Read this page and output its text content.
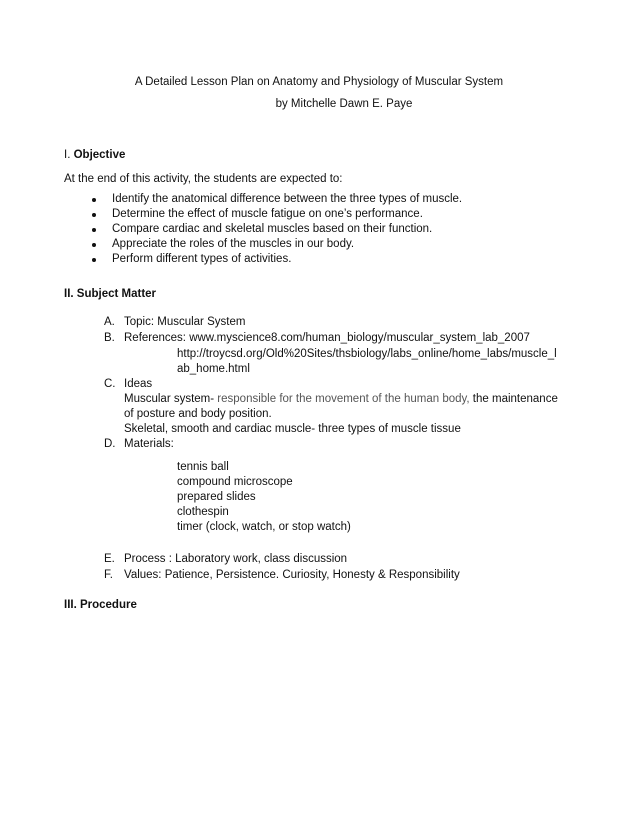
A Detailed Lesson Plan on Anatomy and Physiology of Muscular System
by Mitchelle Dawn E. Paye
I. Objective
At the end of this activity, the students are expected to:
Identify the anatomical difference between the three types of muscle.
Determine the effect of muscle fatigue on one’s performance.
Compare cardiac and skeletal muscles based on their function.
Appreciate the roles of the muscles in our body.
Perform different types of activities.
II. Subject Matter
A. Topic: Muscular System
B. References: www.myscience8.com/human_biology/muscular_system_lab_2007
http://troycsd.org/Old%20Sites/thsbiology/labs_online/home_labs/muscle_l
ab_home.html
C. Ideas
Muscular system- responsible for the movement of the human body, the maintenance
of posture and body position.
Skeletal, smooth and cardiac muscle- three types of muscle tissue
D. Materials:
tennis ball
compound microscope
prepared slides
clothespin
timer (clock, watch, or stop watch)
E. Process : Laboratory work, class discussion
F. Values: Patience, Persistence. Curiosity, Honesty & Responsibility
III. Procedure
